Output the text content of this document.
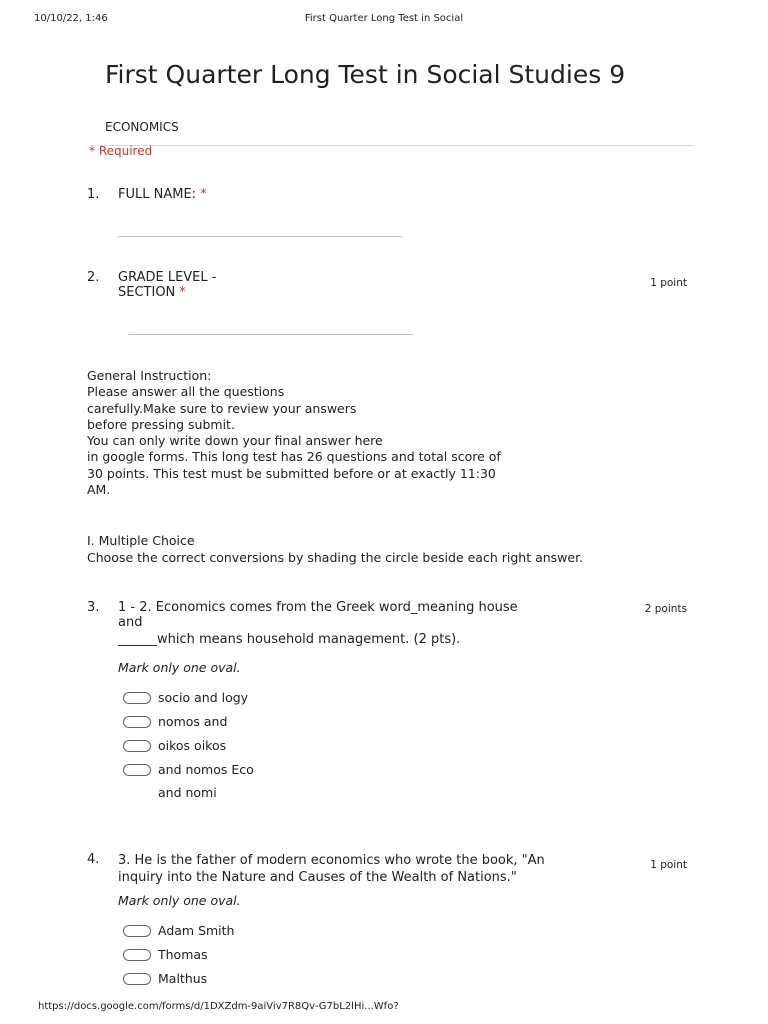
10/10/22, 1:46	First Quarter Long Test in Social
First Quarter Long Test in Social Studies 9
ECONOMICS
* Required
1. FULL NAME: *
2. GRADE LEVEL -
SECTION *
1 point
General Instruction:
Please answer all the questions
carefully.Make sure to review your answers
before pressing submit.
You can only write down your final answer here
in google forms. This long test has 26 questions and total score of
30 points. This test must be submitted before or at exactly 11:30
AM.
I. Multiple Choice
Choose the correct conversions by shading the circle beside each right answer.
3. 1 - 2. Economics comes from the Greek word_meaning house
and
______which means household management. (2 pts).
2 points
Mark only one oval.
socio and logy
nomos and
oikos oikos
and nomos Eco
and nomi
4. 3. He is the father of modern economics who wrote the book, "An
inquiry into the Nature and Causes of the Wealth of Nations."
1 point
Mark only one oval.
Adam Smith
Thomas
Malthus
https://docs.google.com/forms/d/1DXZdm-9aiViv7R8Qv-G7bL2lHi...Wfo?
